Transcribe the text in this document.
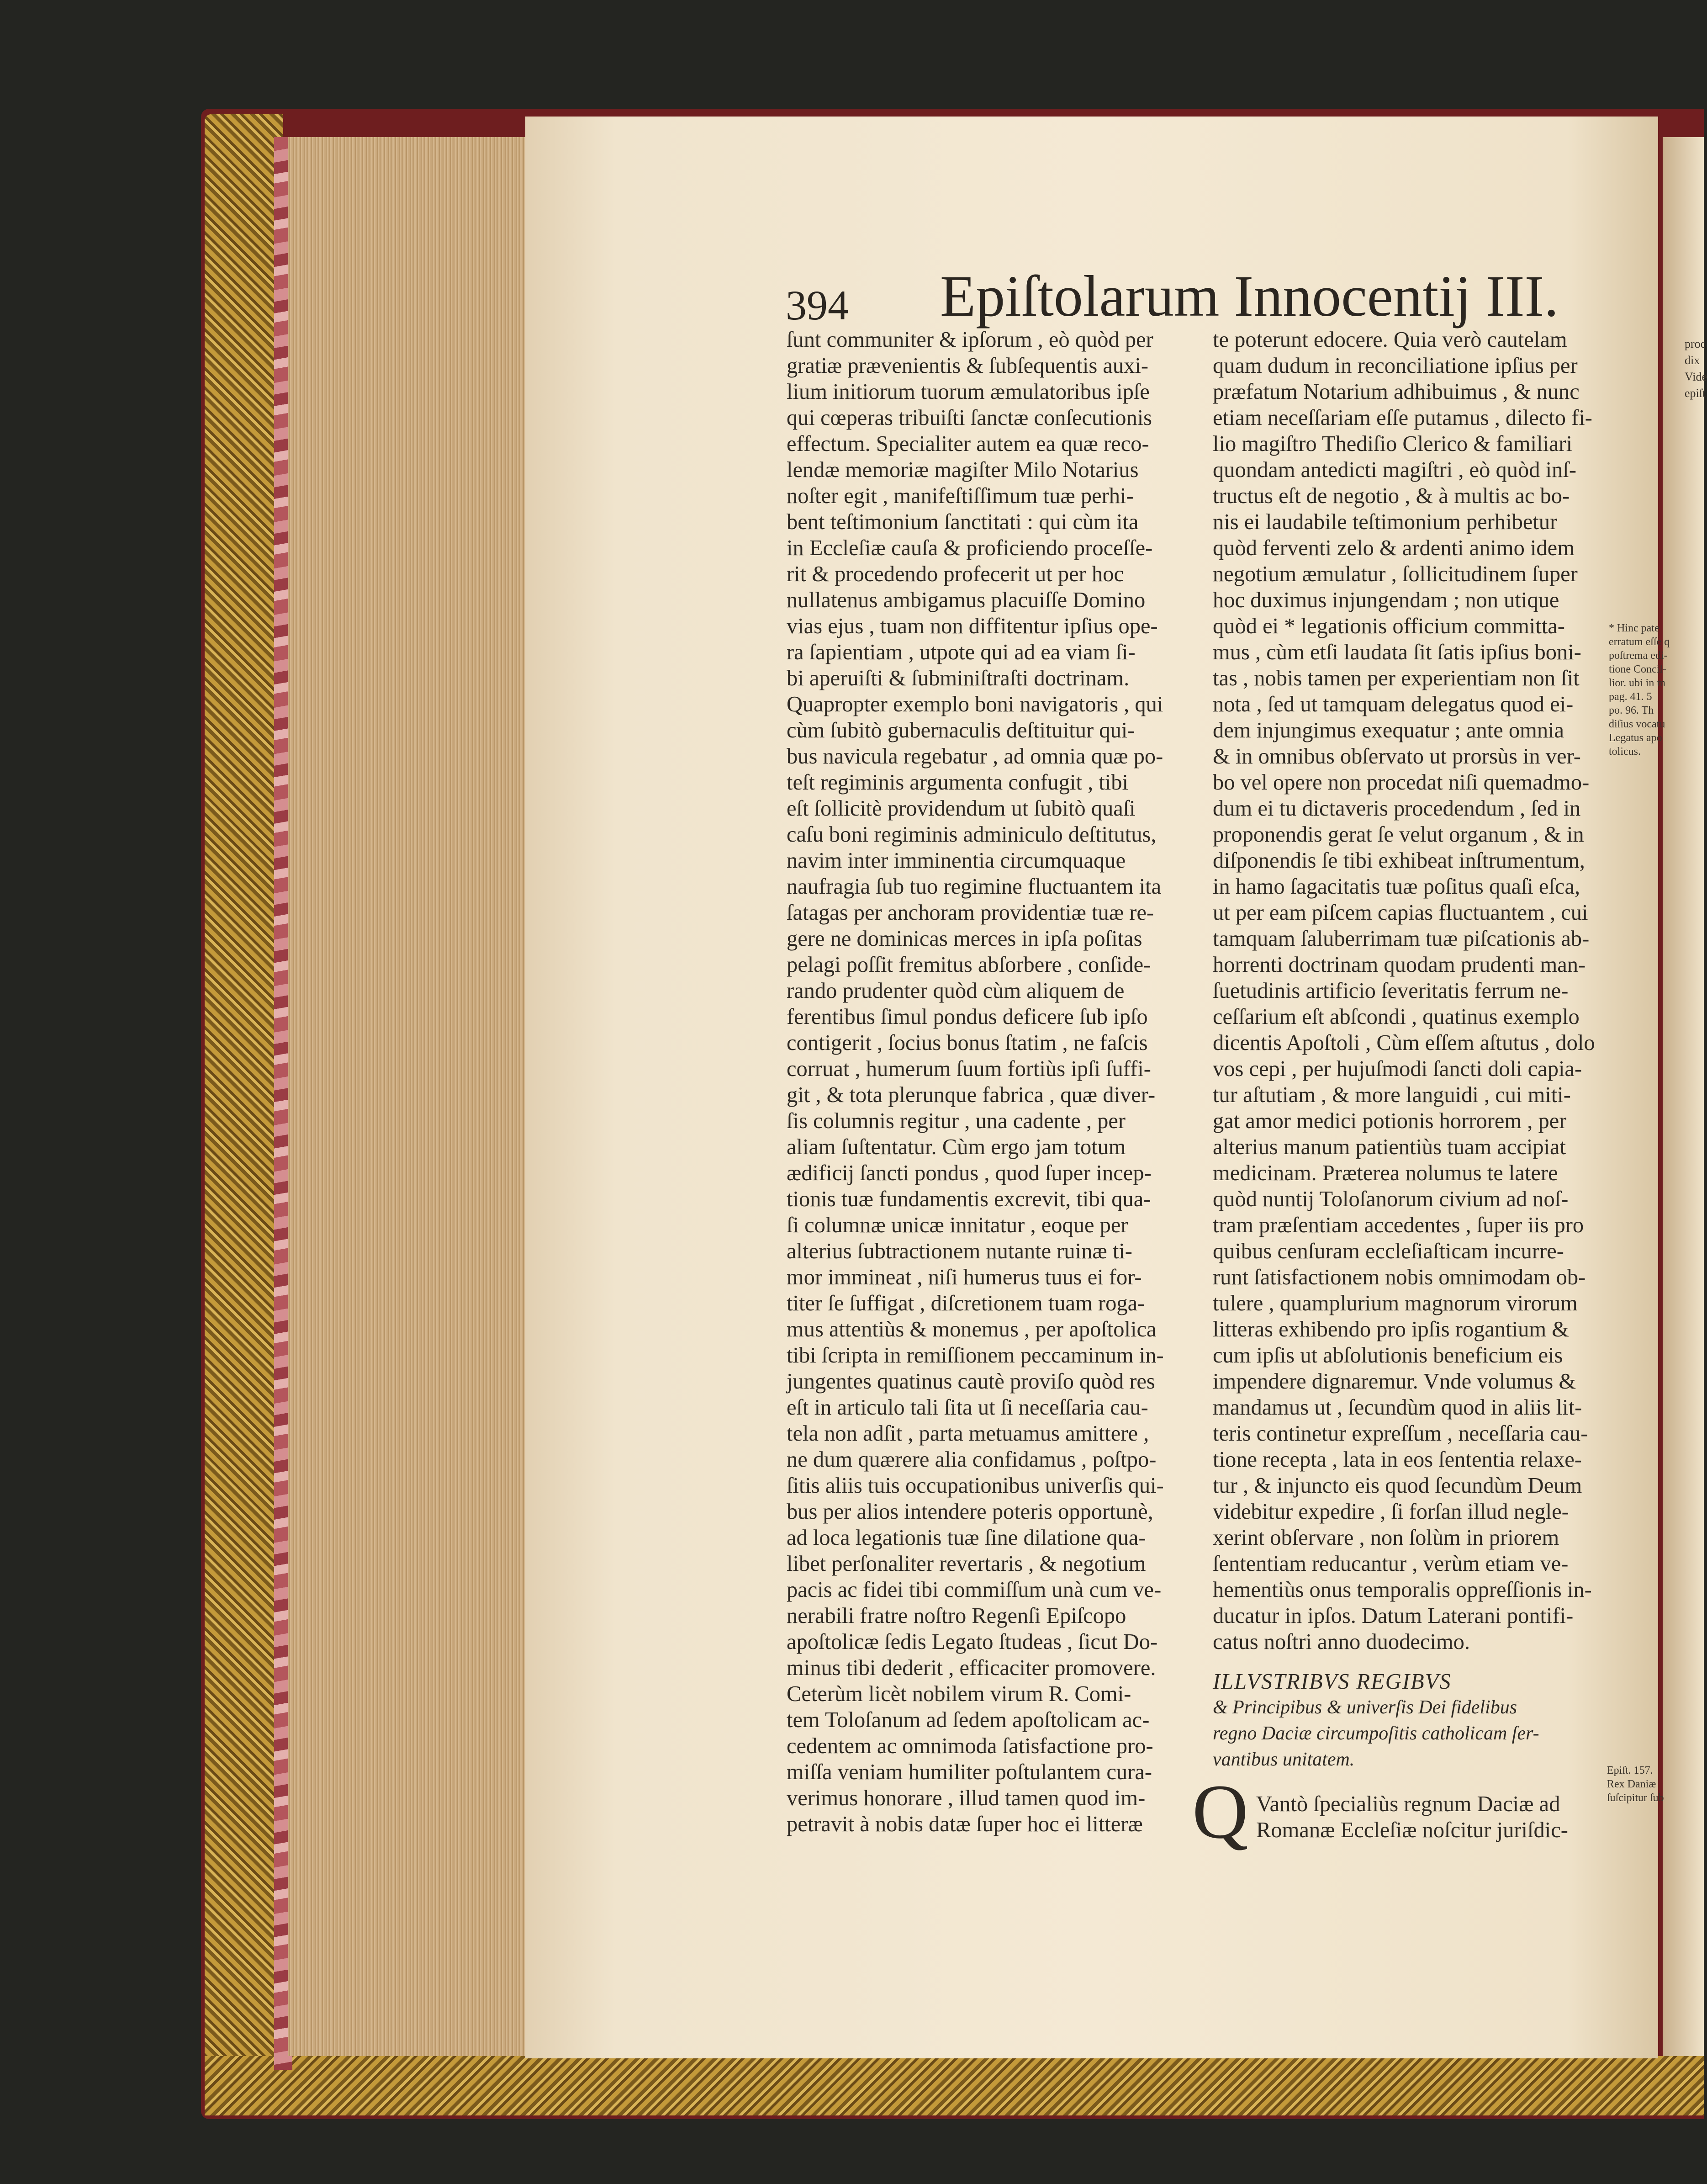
394 Epiſtolarum Innocentij III.
ſunt communiter & ipſorum , eò quòd per
gratiæ prævenientis & ſubſequentis auxi-
lium initiorum tuorum æmulatoribus ipſe
qui cœperas tribuiſti ſanctæ conſecutionis
effectum. Specialiter autem ea quæ reco-
lendæ memoriæ magiſter Milo Notarius
noſter egit , manifeſtiſſimum tuæ perhi-
bent teſtimonium ſanctitati : qui cùm ita
in Eccleſiæ cauſa & proficiendo proceſſe-
rit & procedendo profecerit ut per hoc
nullatenus ambigamus placuiſſe Domino
vias ejus , tuam non diffitentur ipſius ope-
ra ſapientiam , utpote qui ad ea viam ſi-
bi aperuiſti & ſubminiſtraſti doctrinam.
Quapropter exemplo boni navigatoris , qui
cùm ſubitò gubernaculis deſtituitur qui-
bus navicula regebatur , ad omnia quæ po-
teſt regiminis argumenta confugit , tibi
eſt ſollicitè providendum ut ſubitò quaſi
caſu boni regiminis adminiculo deſtitutus,
navim inter imminentia circumquaque
naufragia ſub tuo regimine fluctuantem ita
ſatagas per anchoram providentiæ tuæ re-
gere ne dominicas merces in ipſa poſitas
pelagi poſſit fremitus abſorbere , conſide-
rando prudenter quòd cùm aliquem de
ferentibus ſimul pondus deficere ſub ipſo
contigerit , ſocius bonus ſtatim , ne faſcis
corruat , humerum ſuum fortiùs ipſi ſuffi-
git , & tota plerunque fabrica , quæ diver-
ſis columnis regitur , una cadente , per
aliam ſuſtentatur. Cùm ergo jam totum
ædificij ſancti pondus , quod ſuper incep-
tionis tuæ fundamentis excrevit, tibi qua-
ſi columnæ unicæ innitatur , eoque per
alterius ſubtractionem nutante ruinæ ti-
mor immineat , niſi humerus tuus ei for-
titer ſe ſuffigat , diſcretionem tuam roga-
mus attentiùs & monemus , per apoſtolica
tibi ſcripta in remiſſionem peccaminum in-
jungentes quatinus cautè proviſo quòd res
eſt in articulo tali ſita ut ſi neceſſaria cau-
tela non adſit , parta metuamus amittere ,
ne dum quærere alia confidamus , poſtpo-
ſitis aliis tuis occupationibus univerſis qui-
bus per alios intendere poteris opportunè,
ad loca legationis tuæ ſine dilatione qua-
libet perſonaliter revertaris , & negotium
pacis ac fidei tibi commiſſum unà cum ve-
nerabili fratre noſtro Regenſi Epiſcopo
apoſtolicæ ſedis Legato ſtudeas , ſicut Do-
minus tibi dederit , efficaciter promovere.
Ceterùm licèt nobilem virum R. Comi-
tem Toloſanum ad ſedem apoſtolicam ac-
cedentem ac omnimoda ſatisfactione pro-
miſſa veniam humiliter poſtulantem cura-
verimus honorare , illud tamen quod im-
petravit à nobis datæ ſuper hoc ei litteræ
te poterunt edocere. Quia verò cautelam
quam dudum in reconciliatione ipſius per
præfatum Notarium adhibuimus , & nunc
etiam neceſſariam eſſe putamus , dilecto fi-
lio magiſtro Thediſio Clerico & familiari
quondam antedicti magiſtri , eò quòd inſ-
tructus eſt de negotio , & à multis ac bo-
nis ei laudabile teſtimonium perhibetur
quòd ferventi zelo & ardenti animo idem
negotium æmulatur , ſollicitudinem ſuper
hoc duximus injungendam ; non utique
quòd ei * legationis officium committa-
mus , cùm etſi laudata ſit ſatis ipſius boni-
tas , nobis tamen per experientiam non ſit
nota , ſed ut tamquam delegatus quod ei-
dem injungimus exequatur ; ante omnia
& in omnibus obſervato ut prorsùs in ver-
bo vel opere non procedat niſi quemadmo-
dum ei tu dictaveris procedendum , ſed in
proponendis gerat ſe velut organum , & in
diſponendis ſe tibi exhibeat inſtrumentum,
in hamo ſagacitatis tuæ poſitus quaſi eſca,
ut per eam piſcem capias fluctuantem , cui
tamquam ſaluberrimam tuæ piſcationis ab-
horrenti doctrinam quodam prudenti man-
ſuetudinis artificio ſeveritatis ferrum ne-
ceſſarium eſt abſcondi , quatinus exemplo
dicentis Apoſtoli , Cùm eſſem aſtutus , dolo
vos cepi , per hujuſmodi ſancti doli capia-
tur aſtutiam , & more languidi , cui miti-
gat amor medici potionis horrorem , per
alterius manum patientiùs tuam accipiat
medicinam. Præterea nolumus te latere
quòd nuntij Toloſanorum civium ad noſ-
tram præſentiam accedentes , ſuper iis pro
quibus cenſuram eccleſiaſticam incurre-
runt ſatisfactionem nobis omnimodam ob-
tulere , quamplurium magnorum virorum
litteras exhibendo pro ipſis rogantium &
cum ipſis ut abſolutionis beneficium eis
impendere dignaremur. Vnde volumus &
mandamus ut , ſecundùm quod in aliis lit-
teris continetur expreſſum , neceſſaria cau-
tione recepta , lata in eos ſententia relaxe-
tur , & injuncto eis quod ſecundùm Deum
videbitur expedire , ſi forſan illud negle-
xerint obſervare , non ſolùm in priorem
ſententiam reducantur , verùm etiam ve-
hementiùs onus temporalis oppreſſionis in-
ducatur in ipſos. Datum Laterani pontifi-
catus noſtri anno duodecimo.
ILLVSTRIBVS REGIBVS
& Principibus & univerſis Dei fidelibus
regno Daciæ circumpoſitis catholicam ſer-
vantibus unitatem.
Vantò ſpecialiùs regnum Daciæ ad
Romanæ Eccleſiæ noſcitur juriſdic-
Q
* Hinc pate
erratum eſſe q
poſtrema edi-
tione Concil-
lior. ubi in m
pag. 41. 5
po. 96. Th
diſius vocatu
Legatus apo
tolicus.
Epiſt. 157.
Rex Daniæ
ſuſcipitur ſub
proc
dix
Vide
epiſt
